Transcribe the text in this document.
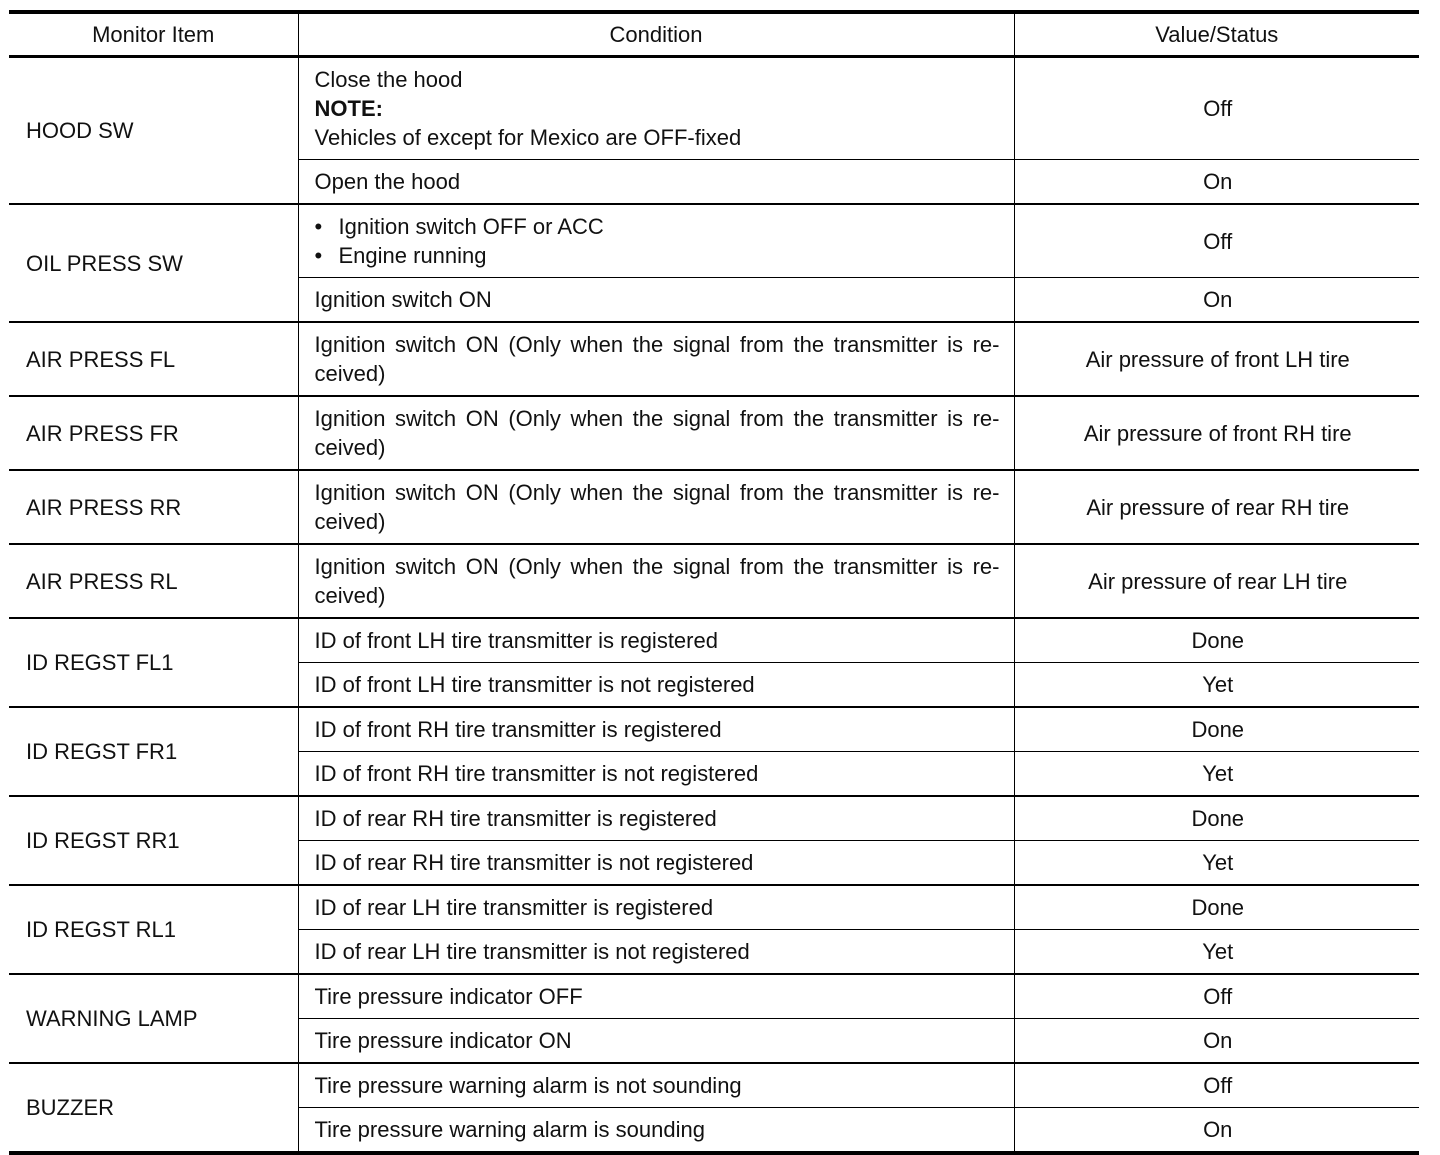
Monitor Item	Condition	Value/Status
HOOD SW	Close the hood
NOTE:
Vehicles of except for Mexico are OFF-fixed	Off
	Open the hood	On
OIL PRESS SW	• Ignition switch OFF or ACC
• Engine running	Off
	Ignition switch ON	On
AIR PRESS FL	Ignition switch ON (Only when the signal from the transmitter is re-ceived)	Air pressure of front LH tire
AIR PRESS FR	Ignition switch ON (Only when the signal from the transmitter is re-ceived)	Air pressure of front RH tire
AIR PRESS RR	Ignition switch ON (Only when the signal from the transmitter is re-ceived)	Air pressure of rear RH tire
AIR PRESS RL	Ignition switch ON (Only when the signal from the transmitter is re-ceived)	Air pressure of rear LH tire
ID REGST FL1	ID of front LH tire transmitter is registered	Done
	ID of front LH tire transmitter is not registered	Yet
ID REGST FR1	ID of front RH tire transmitter is registered	Done
	ID of front RH tire transmitter is not registered	Yet
ID REGST RR1	ID of rear RH tire transmitter is registered	Done
	ID of rear RH tire transmitter is not registered	Yet
ID REGST RL1	ID of rear LH tire transmitter is registered	Done
	ID of rear LH tire transmitter is not registered	Yet
WARNING LAMP	Tire pressure indicator OFF	Off
	Tire pressure indicator ON	On
BUZZER	Tire pressure warning alarm is not sounding	Off
	Tire pressure warning alarm is sounding	On
